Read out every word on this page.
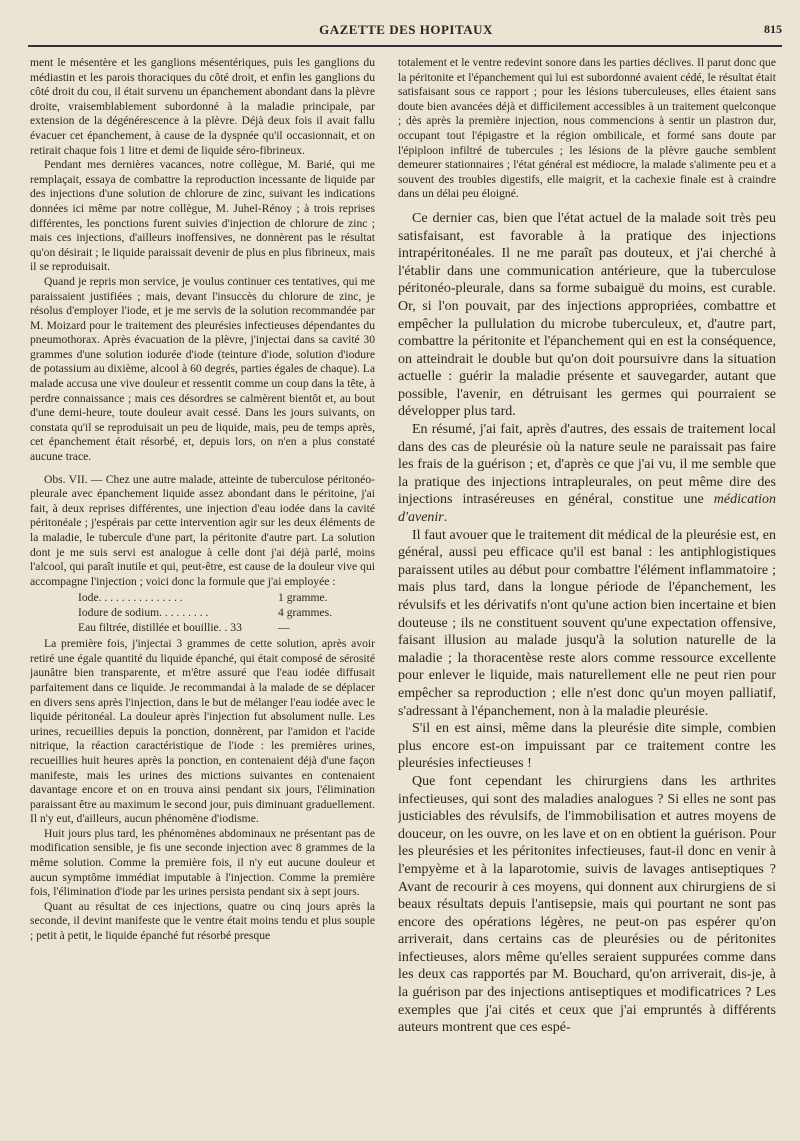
GAZETTE DES HOPITAUX	815

ment le mésentère et les ganglions mésentériques, puis les ganglions du médiastin et les parois thoraciques du côté droit, et enfin les ganglions du côté droit du cou, il était survenu un épanchement abondant dans la plèvre droite, vraisemblablement subordonné à la maladie principale, par extension de la dégénérescence à la plèvre. Déjà deux fois il avait fallu évacuer cet épanchement, à cause de la dyspnée qu'il occasionnait, et on retirait chaque fois 1 litre et demi de liquide séro-fibrineux.

Pendant mes dernières vacances, notre collègue, M. Barié, qui me remplaçait, essaya de combattre la reproduction incessante de liquide par des injections d'une solution de chlorure de zinc, suivant les indications données ici même par notre collègue, M. Juhel-Rénoy ; à trois reprises différentes, les ponctions furent suivies d'injection de chlorure de zinc ; mais ces injections, d'ailleurs inoffensives, ne donnèrent pas le résultat qu'on désirait ; le liquide paraissait devenir de plus en plus fibrineux, mais il se reproduisait.

Quand je repris mon service, je voulus continuer ces tentatives, qui me paraissaient justifiées ; mais, devant l'insuccès du chlorure de zinc, je résolus d'employer l'iode, et je me servis de la solution recommandée par M. Moizard pour le traitement des pleurésies infectieuses dépendantes du pneumothorax. Après évacuation de la plèvre, j'injectai dans sa cavité 30 grammes d'une solution iodurée d'iode (teinture d'iode, solution d'iodure de potassium au dixième, alcool à 60 degrés, parties égales de chaque). La malade accusa une vive douleur et ressentit comme un coup dans la tête, à perdre connaissance ; mais ces désordres se calmèrent bientôt et, au bout d'une demi-heure, toute douleur avait cessé. Dans les jours suivants, on constata qu'il se reproduisait un peu de liquide, mais, peu de temps après, cet épanchement était résorbé, et, depuis lors, on n'en a plus constaté aucune trace.

Obs. VII. — Chez une autre malade, atteinte de tuberculose péritonéo-pleurale avec épanchement liquide assez abondant dans le péritoine, j'ai fait, à deux reprises différentes, une injection d'eau iodée dans la cavité péritonéale ; j'espérais par cette intervention agir sur les deux éléments de la maladie, le tubercule d'une part, la péritonite d'autre part. La solution dont je me suis servi est analogue à celle dont j'ai déjà parlé, moins l'alcool, qui paraît inutile et qui, peut-être, est cause de la douleur vive qui accompagne l'injection ; voici donc la formule que j'ai employée :

Iode. . . . . . . . . . . . . . .	1 gramme.
Iodure de sodium. . . . . . . . .	4 grammes.
Eau filtrée, distillée et bouillie. . 33	—

La première fois, j'injectai 3 grammes de cette solution, après avoir retiré une égale quantité du liquide épanché, qui était composé de sérosité jaunâtre bien transparente, et m'être assuré que l'eau iodée diffusait parfaitement dans ce liquide. Je recommandai à la malade de se déplacer en divers sens après l'injection, dans le but de mélanger l'eau iodée avec le liquide péritonéal. La douleur après l'injection fut absolument nulle. Les urines, recueillies depuis la ponction, donnèrent, par l'amidon et l'acide nitrique, la réaction caractéristique de l'iode : les premières urines, recueillies huit heures après la ponction, en contenaient déjà d'une façon manifeste, mais les urines des mictions suivantes en contenaient davantage encore et on en trouva ainsi pendant six jours, l'élimination paraissant être au maximum le second jour, puis diminuant graduellement. Il n'y eut, d'ailleurs, aucun phénomène d'iodisme.

Huit jours plus tard, les phénomènes abdominaux ne présentant pas de modification sensible, je fis une seconde injection avec 8 grammes de la même solution. Comme la première fois, il n'y eut aucune douleur et aucun symptôme immédiat imputable à l'injection. Comme la première fois, l'élimination d'iode par les urines persista pendant six à sept jours.

Quant au résultat de ces injections, quatre ou cinq jours après la seconde, il devint manifeste que le ventre était moins tendu et plus souple ; petit à petit, le liquide épanché fut résorbé presque

totalement et le ventre redevint sonore dans les parties déclives. Il parut donc que la péritonite et l'épanchement qui lui est subordonné avaient cédé, le résultat était satisfaisant sous ce rapport ; pour les lésions tuberculeuses, elles étaient sans doute bien avancées déjà et difficilement accessibles à un traitement quelconque ; dès après la première injection, nous commencions à sentir un plastron dur, occupant tout l'épigastre et la région ombilicale, et formé sans doute par l'épiploon infiltré de tubercules ; les lésions de la plèvre gauche semblent demeurer stationnaires ; l'état général est médiocre, la malade s'alimente peu et a souvent des troubles digestifs, elle maigrit, et la cachexie finale est à craindre dans un délai peu éloigné.

Ce dernier cas, bien que l'état actuel de la malade soit très peu satisfaisant, est favorable à la pratique des injections intrapéritonéales. Il ne me paraît pas douteux, et j'ai cherché à l'établir dans une communication antérieure, que la tuberculose péritonéo-pleurale, dans sa forme subaiguë du moins, est curable. Or, si l'on pouvait, par des injections appropriées, combattre et empêcher la pullulation du microbe tuberculeux, et, d'autre part, combattre la péritonite et l'épanchement qui en est la conséquence, on atteindrait le double but qu'on doit poursuivre dans la situation actuelle : guérir la maladie présente et sauvegarder, autant que possible, l'avenir, en détruisant les germes qui pourraient se développer plus tard.

En résumé, j'ai fait, après d'autres, des essais de traitement local dans des cas de pleurésie où la nature seule ne paraissait pas faire les frais de la guérison ; et, d'après ce que j'ai vu, il me semble que la pratique des injections intrapleurales, on peut même dire des injections intraséreuses en général, constitue une médication d'avenir.

Il faut avouer que le traitement dit médical de la pleurésie est, en général, aussi peu efficace qu'il est banal : les antiphlogistiques paraissent utiles au début pour combattre l'élément inflammatoire ; mais plus tard, dans la longue période de l'épanchement, les révulsifs et les dérivatifs n'ont qu'une action bien incertaine et bien douteuse ; ils ne constituent souvent qu'une expectation offensive, faisant illusion au malade jusqu'à la solution naturelle de la maladie ; la thoracentèse reste alors comme ressource excellente pour enlever le liquide, mais naturellement elle ne peut rien pour empêcher sa reproduction ; elle n'est donc qu'un moyen palliatif, s'adressant à l'épanchement, non à la maladie pleurésie.

S'il en est ainsi, même dans la pleurésie dite simple, combien plus encore est-on impuissant par ce traitement contre les pleurésies infectieuses !

Que font cependant les chirurgiens dans les arthrites infectieuses, qui sont des maladies analogues ? Si elles ne sont pas justiciables des révulsifs, de l'immobilisation et autres moyens de douceur, on les ouvre, on les lave et on en obtient la guérison. Pour les pleurésies et les péritonites infectieuses, faut-il donc en venir à l'empyème et à la laparotomie, suivis de lavages antiseptiques ? Avant de recourir à ces moyens, qui donnent aux chirurgiens de si beaux résultats depuis l'antisepsie, mais qui pourtant ne sont pas encore des opérations légères, ne peut-on pas espérer qu'on arriverait, dans certains cas de pleurésies ou de péritonites infectieuses, alors même qu'elles seraient suppurées comme dans les deux cas rapportés par M. Bouchard, qu'on arriverait, dis-je, à la guérison par des injections antiseptiques et modificatrices ? Les exemples que j'ai cités et ceux que j'ai empruntés à différents auteurs montrent que ces espé-
